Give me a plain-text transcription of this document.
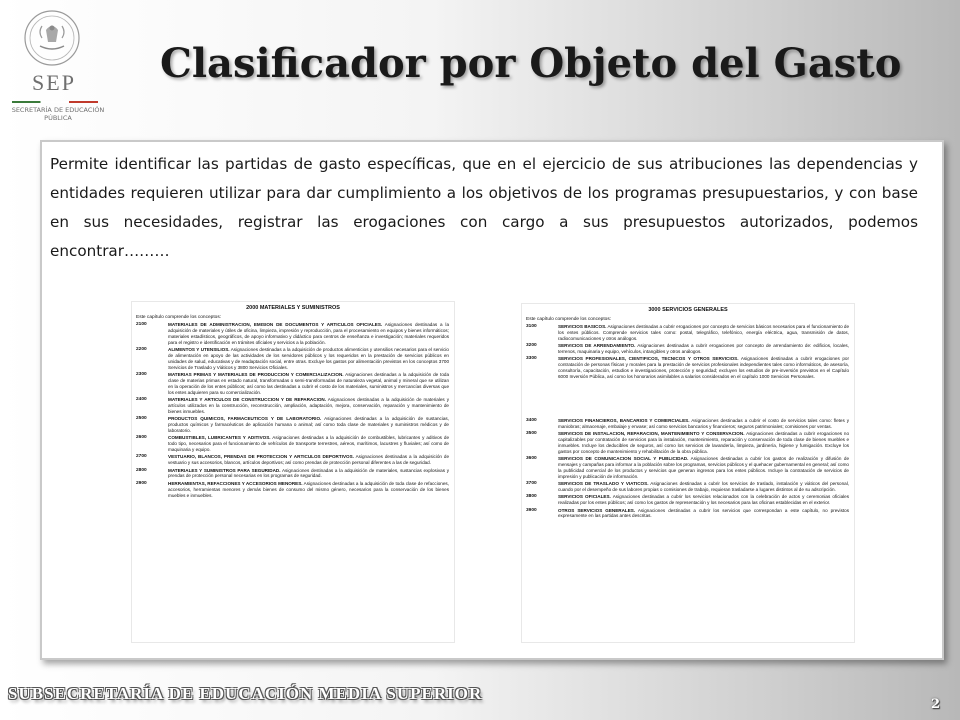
SEP
SECRETARÍA DE EDUCACIÓN PÚBLICA
Clasificador por Objeto del Gasto
Permite identificar las partidas de gasto específicas, que en el ejercicio de sus atribuciones las dependencias y entidades requieren utilizar para dar cumplimiento a los objetivos de los programas presupuestarios, y con base en sus necesidades, registrar las erogaciones con cargo a sus presupuestos autorizados, podemos encontrar………
2000 MATERIALES Y SUMINISTROS
Este capítulo comprende los conceptos:
2100	MATERIALES DE ADMINISTRACION, EMISION DE DOCUMENTOS Y ARTICULOS OFICIALES. Asignaciones destinadas a la adquisición de materiales y útiles de oficina, limpieza, impresión y reproducción, para el procesamiento en equipos y bienes informáticos; materiales estadísticos, geográficos, de apoyo informativo y didáctico para centros de enseñanza e investigación; materiales requeridos para el registro e identificación en trámites oficiales y servicios a la población.
2200	ALIMENTOS Y UTENSILIOS. Asignaciones destinadas a la adquisición de productos alimenticios y utensilios necesarios para el servicio de alimentación en apoyo de las actividades de los servidores públicos y los requeridos en la prestación de servicios públicos en unidades de salud, educativas y de readaptación social, entre otras. Excluye los gastos por alimentación previstos en los conceptos 3700 Servicios de Traslado y Viáticos y 3800 Servicios Oficiales.
2300	MATERIAS PRIMAS Y MATERIALES DE PRODUCCION Y COMERCIALIZACION. Asignaciones destinadas a la adquisición de toda clase de materias primas en estado natural, transformadas o semi-transformadas de naturaleza vegetal, animal y mineral que se utilizan en la operación de los entes públicos; así como las destinadas a cubrir el costo de los materiales, suministros y mercancías diversas que los entes adquieren para su comercialización.
2400	MATERIALES Y ARTICULOS DE CONSTRUCCION Y DE REPARACION. Asignaciones destinadas a la adquisición de materiales y artículos utilizados en la construcción, reconstrucción, ampliación, adaptación, mejora, conservación, reparación y mantenimiento de bienes inmuebles.
2500	PRODUCTOS QUIMICOS, FARMACEUTICOS Y DE LABORATORIO. Asignaciones destinadas a la adquisición de sustancias, productos químicos y farmacéuticos de aplicación humana o animal; así como toda clase de materiales y suministros médicos y de laboratorio.
2600	COMBUSTIBLES, LUBRICANTES Y ADITIVOS. Asignaciones destinadas a la adquisición de combustibles, lubricantes y aditivos de todo tipo, necesarios para el funcionamiento de vehículos de transporte terrestres, aéreos, marítimos, lacustres y fluviales; así como de maquinaria y equipo.
2700	VESTUARIO, BLANCOS, PRENDAS DE PROTECCION Y ARTICULOS DEPORTIVOS. Asignaciones destinadas a la adquisición de vestuario y sus accesorios, blancos, artículos deportivos; así como prendas de protección personal diferentes a las de seguridad.
2800	MATERIALES Y SUMINISTROS PARA SEGURIDAD. Asignaciones destinadas a la adquisición de materiales, sustancias explosivas y prendas de protección personal necesarias en los programas de seguridad.
2900	HERRAMIENTAS, REFACCIONES Y ACCESORIOS MENORES. Asignaciones destinadas a la adquisición de toda clase de refacciones, accesorios, herramientas menores y demás bienes de consumo del mismo género, necesarios para la conservación de los bienes muebles e inmuebles.
3000 SERVICIOS GENERALES
Este capítulo comprende los conceptos:
3100	SERVICIOS BASICOS. Asignaciones destinadas a cubrir erogaciones por concepto de servicios básicos necesarios para el funcionamiento de los entes públicos. Comprende servicios tales como: postal, telegráfico, telefónico, energía eléctrica, agua, transmisión de datos, radiocomunicaciones y otros análogos.
3200	SERVICIOS DE ARRENDAMIENTO. Asignaciones destinadas a cubrir erogaciones por concepto de arrendamiento de: edificios, locales, terrenos, maquinaria y equipo, vehículos, intangibles y otros análogos.
3300	SERVICIOS PROFESIONALES, CIENTIFICOS, TECNICOS Y OTROS SERVICIOS. Asignaciones destinadas a cubrir erogaciones por contratación de personas físicas y morales para la prestación de servicios profesionales independientes tales como informáticos, de asesoría, consultoría, capacitación, estudios e investigaciones, protección y seguridad; excluyen los estudios de pre-inversión previstos en el Capítulo 6000 Inversión Pública, así como los honorarios asimilables a salarios considerados en el capítulo 1000 Servicios Personales.
3400	SERVICIOS FINANCIEROS, BANCARIOS Y COMERCIALES. Asignaciones destinadas a cubrir el costo de servicios tales como: fletes y maniobras; almacenaje, embalaje y envase; así como servicios bancarios y financieros; seguros patrimoniales; comisiones por ventas.
3500	SERVICIOS DE INSTALACION, REPARACION, MANTENIMIENTO Y CONSERVACION. Asignaciones destinadas a cubrir erogaciones no capitalizables por contratación de servicios para la instalación, mantenimiento, reparación y conservación de toda clase de bienes muebles e inmuebles. Incluye los deducibles de seguros, así como los servicios de lavandería, limpieza, jardinería, higiene y fumigación. Excluye los gastos por concepto de mantenimiento y rehabilitación de la obra pública.
3600	SERVICIOS DE COMUNICACION SOCIAL Y PUBLICIDAD. Asignaciones destinadas a cubrir los gastos de realización y difusión de mensajes y campañas para informar a la población sobre los programas, servicios públicos y el quehacer gubernamental en general; así como la publicidad comercial de los productos y servicios que generan ingresos para los entes públicos. Incluye la contratación de servicios de impresión y publicación de información.
3700	SERVICIOS DE TRASLADO Y VIATICOS. Asignaciones destinadas a cubrir los servicios de traslado, instalación y viáticos del personal, cuando por el desempeño de sus labores propias o comisiones de trabajo, requieran trasladarse a lugares distintos al de su adscripción.
3800	SERVICIOS OFICIALES. Asignaciones destinadas a cubrir los servicios relacionados con la celebración de actos y ceremonias oficiales realizadas por los entes públicos; así como los gastos de representación y los necesarios para las oficinas establecidas en el exterior.
3900	OTROS SERVICIOS GENERALES. Asignaciones destinadas a cubrir los servicios que correspondan a este capítulo, no previstos expresamente en las partidas antes descritas.
SUBSECRETARÍA DE EDUCACIÓN MEDIA SUPERIOR
2
